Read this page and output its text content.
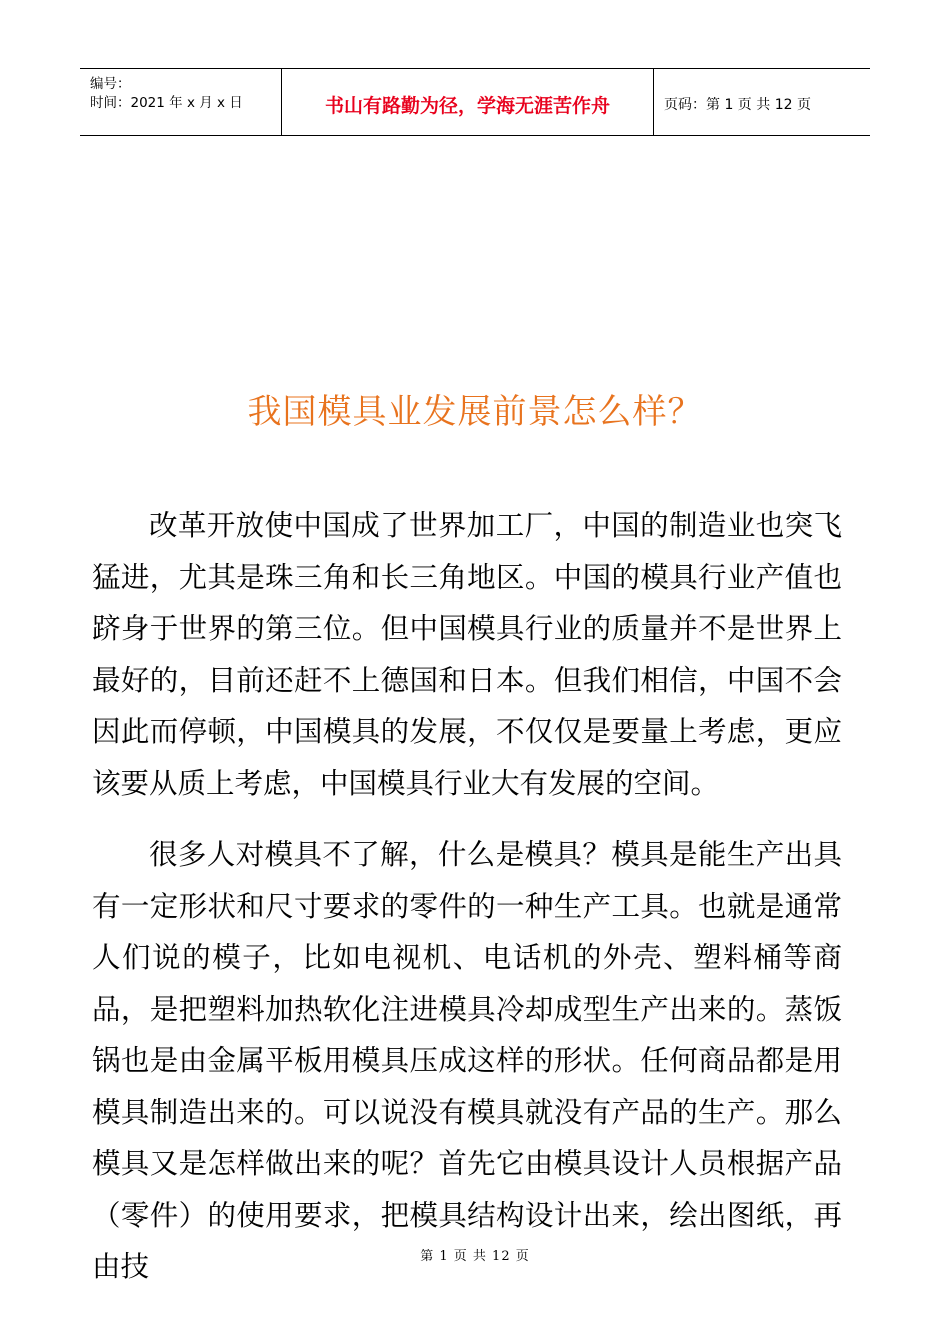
编号：
时间：2021 年 x 月 x 日	书山有路勤为径，学海无涯苦作舟	页码：第 1 页 共 12 页
我国模具业发展前景怎么样？

改革开放使中国成了世界加工厂，中国的制造业也突飞猛进，尤其是珠三角和长三角地区。中国的模具行业产值也跻身于世界的第三位。但中国模具行业的质量并不是世界上最好的，目前还赶不上德国和日本。但我们相信，中国不会因此而停顿，中国模具的发展，不仅仅是要量上考虑，更应该要从质上考虑，中国模具行业大有发展的空间。

很多人对模具不了解，什么是模具？模具是能生产出具有一定形状和尺寸要求的零件的一种生产工具。也就是通常人们说的模子，比如电视机、电话机的外壳、塑料桶等商品，是把塑料加热软化注进模具冷却成型生产出来的。蒸饭锅也是由金属平板用模具压成这样的形状。任何商品都是用模具制造出来的。可以说没有模具就没有产品的生产。那么模具又是怎样做出来的呢？首先它由模具设计人员根据产品（零件）的使用要求，把模具结构设计出来，绘出图纸，再由技	第 1 页 共 12 页
